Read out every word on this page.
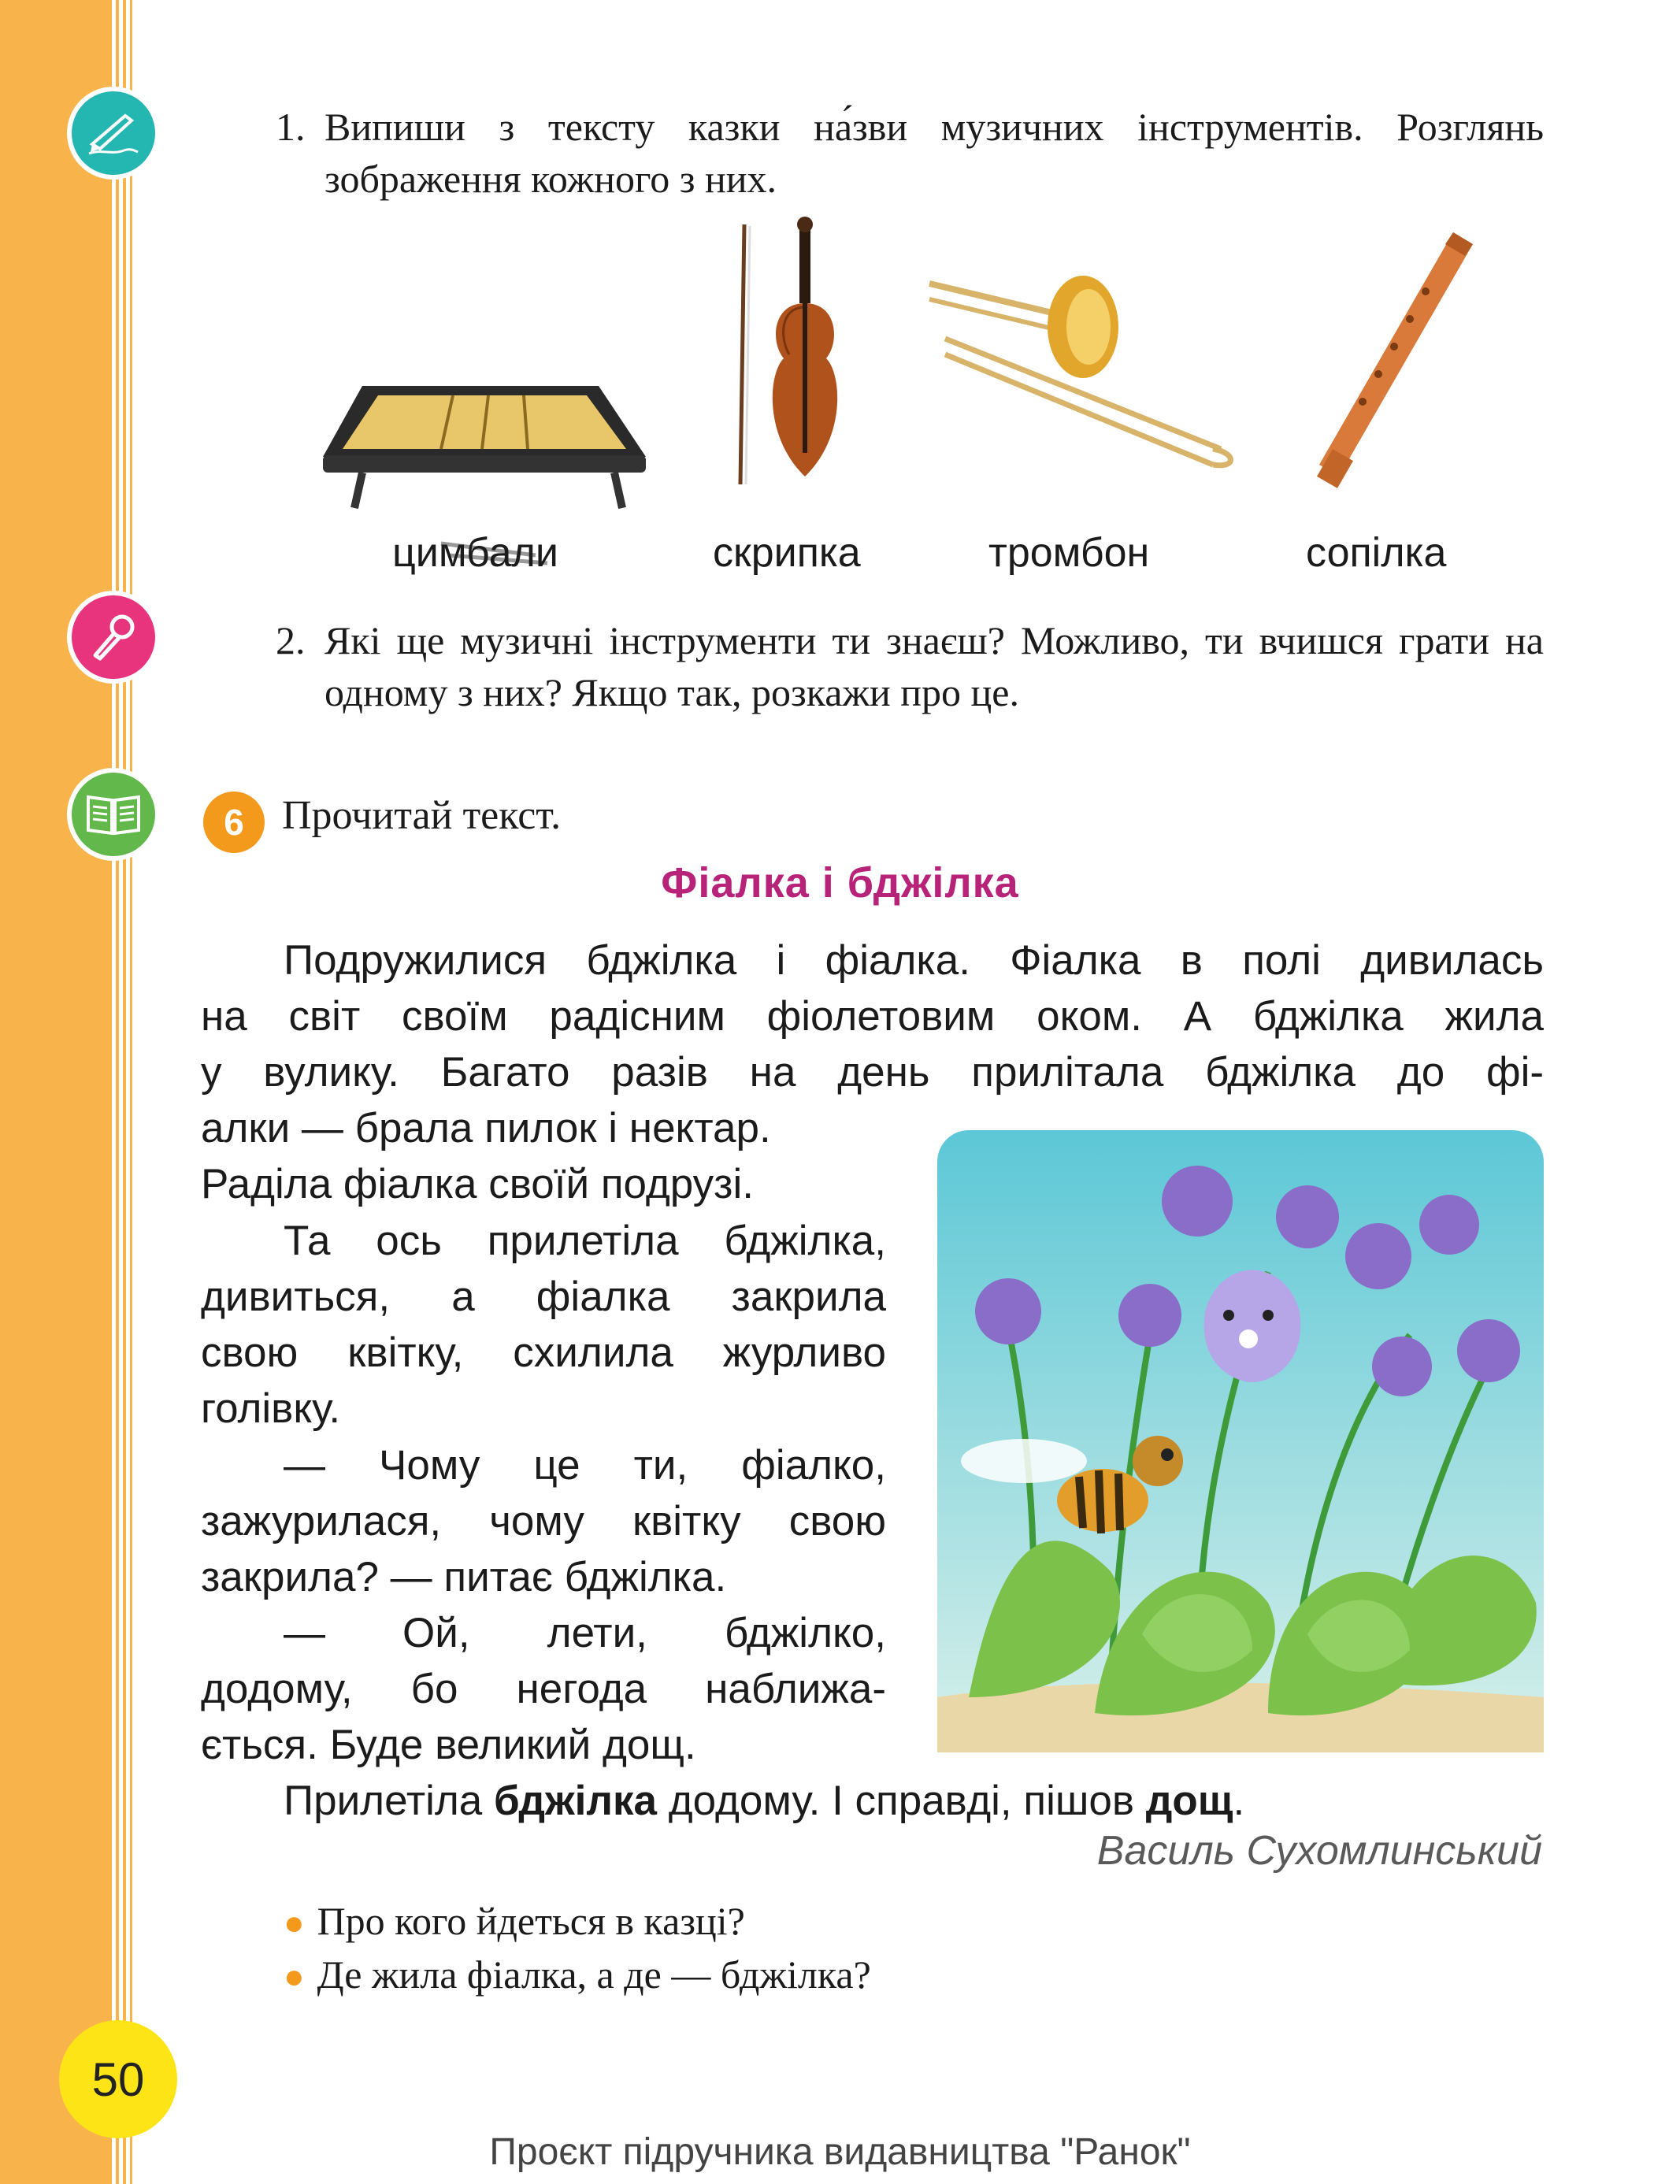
1. Випиши з тексту казки на́зви музичних інструментів. Розглянь зображення кожного з них.
цимбали	скрипка	тромбон	сопілка
2. Які ще музичні інструменти ти знаєш? Можливо, ти вчишся грати на одному з них? Якщо так, розкажи про це.
6 Прочитай текст.
Фіалка і бджілка
Подружилися бджілка і фіалка. Фіалка в полі дивилась
на світ своїм радісним фіолетовим оком. А бджілка жила
у вулику. Багато разів на день прилітала бджілка до фі-
алки — брала пилок і нектар.
Раділа фіалка своїй подрузі.
Та ось прилетіла бджілка,
дивиться, а фіалка закрила
свою квітку, схилила журливо
голівку.
— Чому це ти, фіалко,
зажурилася, чому квітку свою
закрила? — питає бджілка.
— Ой, лети, бджілко,
додому, бо негода наближа-
ється. Буде великий дощ.
Прилетіла бджілка додому. І справді, пішов дощ.
Василь Сухомлинський
● Про кого йдеться в казці?
● Де жила фіалка, а де — бджілка?
50
Проєкт підручника видавництва "Ранок"
